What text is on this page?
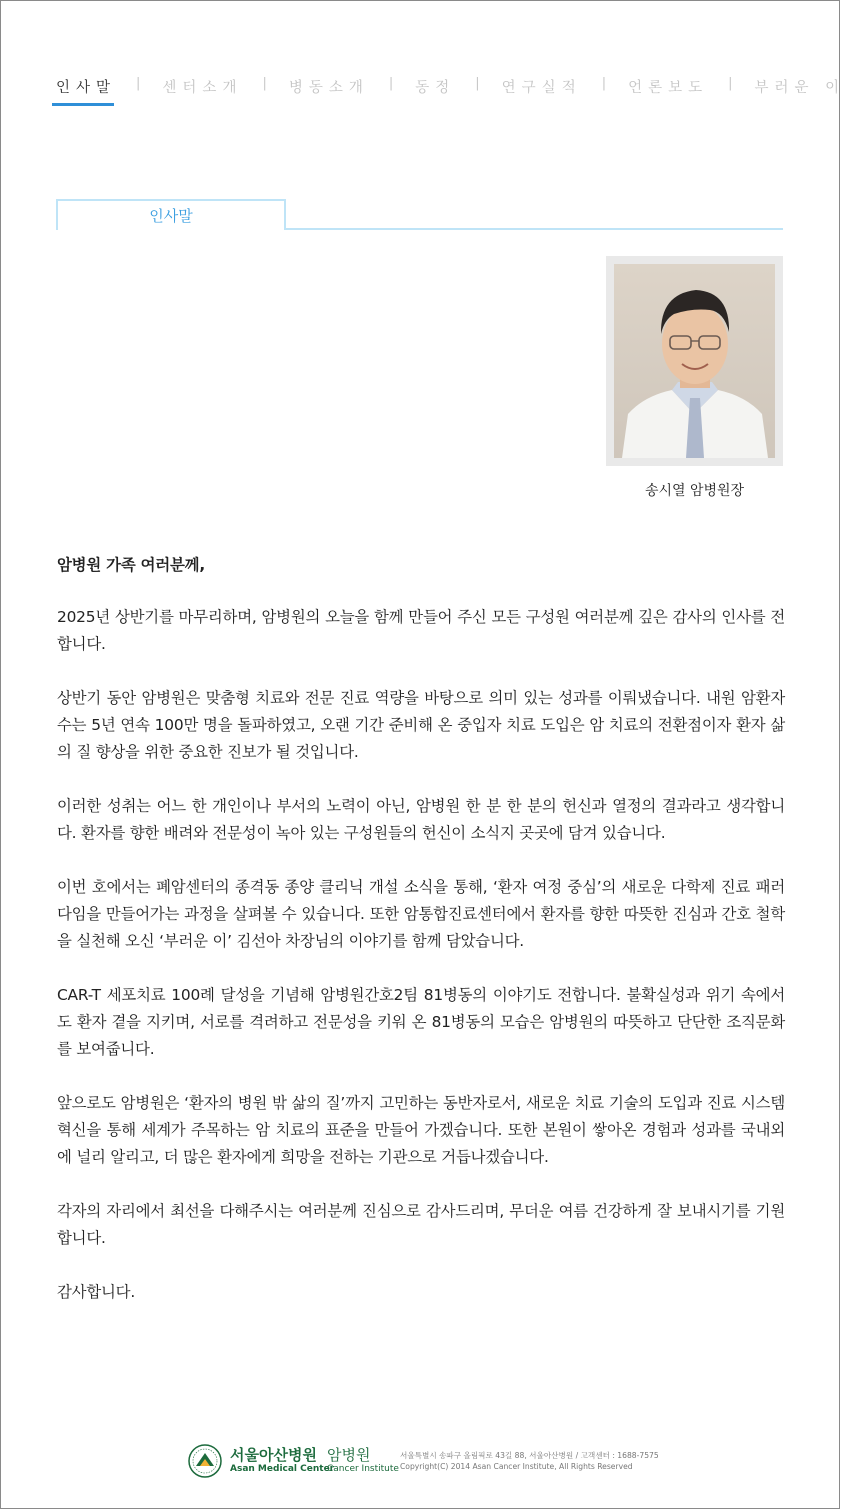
인사말 | 센터소개 | 병동소개 | 동정 | 연구실적 | 언론보도 | 부러운 이
인사말
송시열 암병원장

암병원 가족 여러분께,

2025년 상반기를 마무리하며, 암병원의 오늘을 함께 만들어 주신 모든 구성원 여러분께 깊은 감사의 인사를 전합니다.

상반기 동안 암병원은 맞춤형 치료와 전문 진료 역량을 바탕으로 의미 있는 성과를 이뤄냈습니다. 내원 암환자 수는 5년 연속 100만 명을 돌파하였고, 오랜 기간 준비해 온 중입자 치료 도입은 암 치료의 전환점이자 환자 삶의 질 향상을 위한 중요한 진보가 될 것입니다.

이러한 성취는 어느 한 개인이나 부서의 노력이 아닌, 암병원 한 분 한 분의 헌신과 열정의 결과라고 생각합니다. 환자를 향한 배려와 전문성이 녹아 있는 구성원들의 헌신이 소식지 곳곳에 담겨 있습니다.

이번 호에서는 폐암센터의 종격동 종양 클리닉 개설 소식을 통해, ‘환자 여정 중심’의 새로운 다학제 진료 패러다임을 만들어가는 과정을 살펴볼 수 있습니다. 또한 암통합진료센터에서 환자를 향한 따뜻한 진심과 간호 철학을 실천해 오신 ‘부러운 이’ 김선아 차장님의 이야기를 함께 담았습니다.

CAR-T 세포치료 100례 달성을 기념해 암병원간호2팀 81병동의 이야기도 전합니다. 불확실성과 위기 속에서도 환자 곁을 지키며, 서로를 격려하고 전문성을 키워 온 81병동의 모습은 암병원의 따뜻하고 단단한 조직문화를 보여줍니다.

앞으로도 암병원은 ‘환자의 병원 밖 삶의 질’까지 고민하는 동반자로서, 새로운 치료 기술의 도입과 진료 시스템 혁신을 통해 세계가 주목하는 암 치료의 표준을 만들어 가겠습니다. 또한 본원이 쌓아온 경험과 성과를 국내외에 널리 알리고, 더 많은 환자에게 희망을 전하는 기관으로 거듭나겠습니다.

각자의 자리에서 최선을 다해주시는 여러분께 진심으로 감사드리며, 무더운 여름 건강하게 잘 보내시기를 기원합니다.

감사합니다.

서울아산병원
Asan Medical Center
암병원
Cancer Institute
서울특별시 송파구 올림픽로 43길 88, 서울아산병원 / 고객센터 : 1688-7575
Copyright(C) 2014 Asan Cancer Institute, All Rights Reserved
